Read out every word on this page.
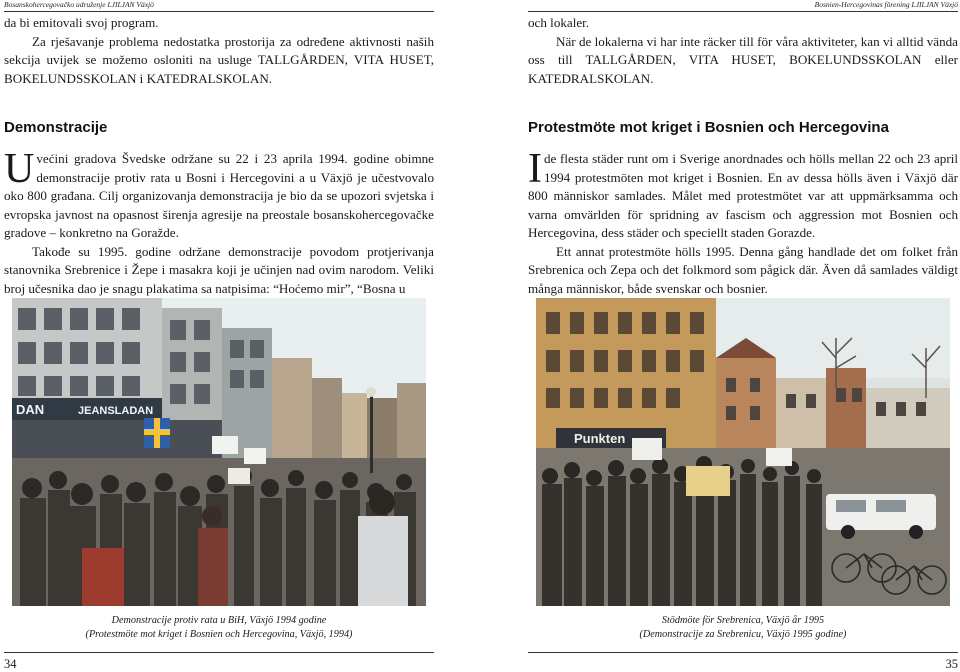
Bosanskohercegovačko udruženje LJILJAN Växjö

da bi emitovali svoj program.

Za rješavanje problema nedostatka prostorija za određene aktivnosti naših sekcija uvijek se možemo osloniti na usluge TALLGÅRDEN, VITA HUSET, BOKELUNDSSKOLAN i KATEDRALSKOLAN.

Demonstracije

Uvećini gradova Švedske održane su 22 i 23 aprila 1994. godine obimne demonstracije protiv rata u Bosni i Hercegovini a u Växjö je učestvovalo oko 800 građana. Cilj organizovanja demonstracija je bio da se upozori svjetska i evropska javnost na opasnost širenja agresije na preostale bosanskohercegovačke gradove – konkretno na Goražde.

Takođe su 1995. godine održane demonstracije povodom protjerivanja stanovnika Srebrenice i Žepe i masakra koji je učinjen nad ovim narodom. Veliki broj učesnika dao je snagu plakatima sa natpisima: “Hoćemo mir”, “Bosna u

DAN	JEANSLADAN
Demonstracije protiv rata u BiH, Växjö 1994 godine
(Protestmöte mot kriget i Bosnien och Hercegovina, Växjö, 1994)
34
Bosnien-Hercegovinas förening LJILJAN Växjö

och lokaler.

När de lokalerna vi har inte räcker till för våra aktiviteter, kan vi alltid vända oss till TALLGÅRDEN, VITA HUSET, BOKELUNDSSKOLAN eller KATEDRALSKOLAN.

Protestmöte mot kriget i Bosnien och Hercegovina

Ide flesta städer runt om i Sverige anordnades och hölls mellan 22 och 23 april 1994 protestmöten mot kriget i Bosnien. En av dessa hölls även i Växjö där 800 människor samlades. Målet med protestmötet var att uppmärksamma och varna omvärlden för spridning av fascism och aggression mot Bosnien och Hercegovina, dess städer och speciellt staden Gorazde.

Ett annat protestmöte hölls 1995. Denna gång handlade det om folket från Srebrenica och Zepa och det folkmord som pågick där. Även då samlades väldigt många människor, både svenskar och bosnier.

Punkten
Stödmöte för Srebrenica, Växjö år 1995
(Demonstracije za Srebrenicu, Växjö 1995 godine)
35
